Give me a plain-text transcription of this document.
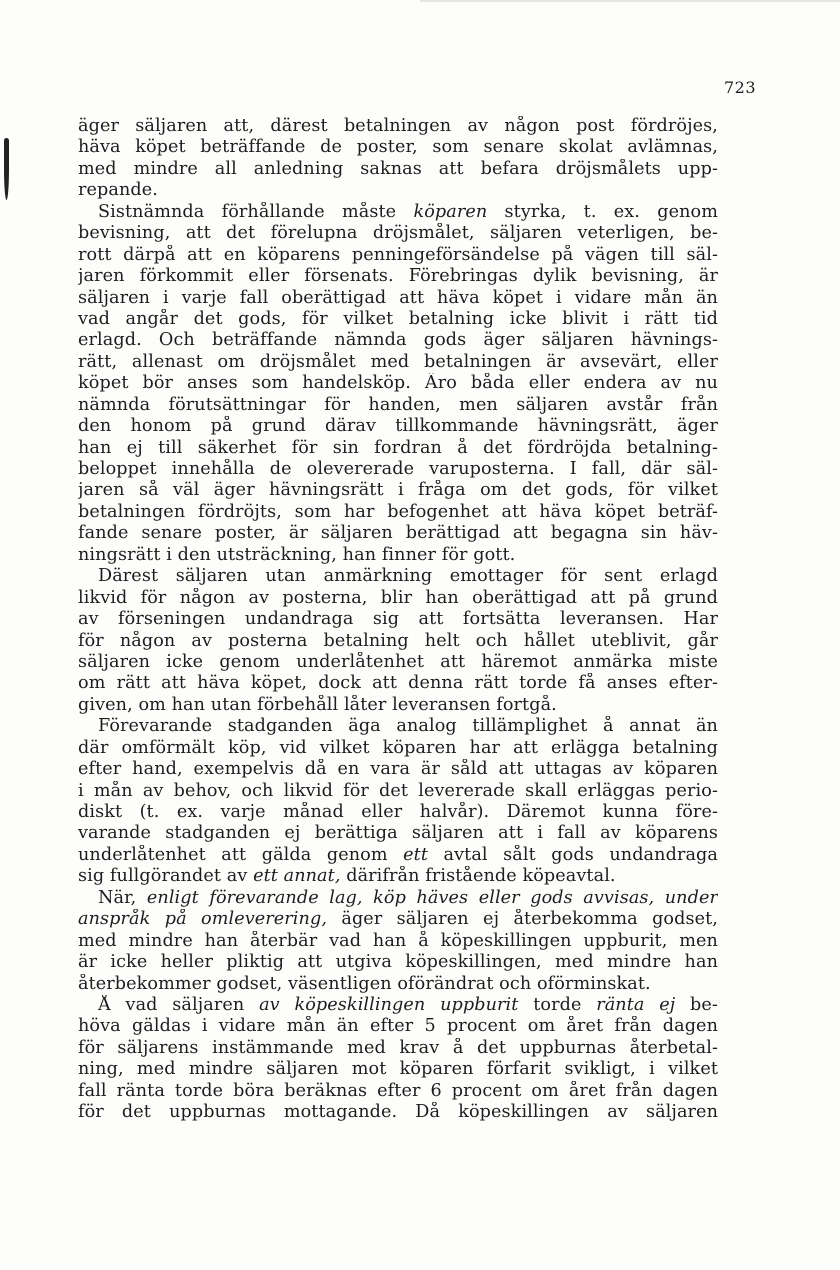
723
äger säljaren att, därest betalningen av någon post fördröjes,
häva köpet beträffande de poster, som senare skolat avlämnas,
med mindre all anledning saknas att befara dröjsmålets upp-
repande.
Sistnämnda förhållande måste köparen styrka, t. ex. genom
bevisning, att det förelupna dröjsmålet, säljaren veterligen, be-
rott därpå att en köparens penningeförsändelse på vägen till säl-
jaren förkommit eller försenats. Förebringas dylik bevisning, är
säljaren i varje fall oberättigad att häva köpet i vidare mån än
vad angår det gods, för vilket betalning icke blivit i rätt tid
erlagd. Och beträffande nämnda gods äger säljaren hävnings-
rätt, allenast om dröjsmålet med betalningen är avsevärt, eller
köpet bör anses som handelsköp. Äro båda eller endera av nu
nämnda förutsättningar för handen, men säljaren avstår från
den honom på grund därav tillkommande hävningsrätt, äger
han ej till säkerhet för sin fordran å det fördröjda betalning-
beloppet innehålla de olevererade varuposterna. I fall, där säl-
jaren så väl äger hävningsrätt i fråga om det gods, för vilket
betalningen fördröjts, som har befogenhet att häva köpet beträf-
fande senare poster, är säljaren berättigad att begagna sin häv-
ningsrätt i den utsträckning, han finner för gott.
Därest säljaren utan anmärkning emottager för sent erlagd
likvid för någon av posterna, blir han oberättigad att på grund
av förseningen undandraga sig att fortsätta leveransen. Har
för någon av posterna betalning helt och hållet uteblivit, går
säljaren icke genom underlåtenhet att häremot anmärka miste
om rätt att häva köpet, dock att denna rätt torde få anses efter-
given, om han utan förbehåll låter leveransen fortgå.
Förevarande stadganden äga analog tillämplighet å annat än
där omförmält köp, vid vilket köparen har att erlägga betalning
efter hand, exempelvis då en vara är såld att uttagas av köparen
i mån av behov, och likvid för det levererade skall erläggas perio-
diskt (t. ex. varje månad eller halvår). Däremot kunna före-
varande stadganden ej berättiga säljaren att i fall av köparens
underlåtenhet att gälda genom ett avtal sålt gods undandraga
sig fullgörandet av ett annat, därifrån fristående köpeavtal.
När, enligt förevarande lag, köp häves eller gods avvisas, under
anspråk på omleverering, äger säljaren ej återbekomma godset,
med mindre han återbär vad han å köpeskillingen uppburit, men
är icke heller pliktig att utgiva köpeskillingen, med mindre han
återbekommer godset, väsentligen oförändrat och oförminskat.
Å vad säljaren av köpeskillingen uppburit torde ränta ej be-
höva gäldas i vidare mån än efter 5 procent om året från dagen
för säljarens instämmande med krav å det uppburnas återbetal-
ning, med mindre säljaren mot köparen förfarit svikligt, i vilket
fall ränta torde böra beräknas efter 6 procent om året från dagen
för det uppburnas mottagande. Då köpeskillingen av säljaren
